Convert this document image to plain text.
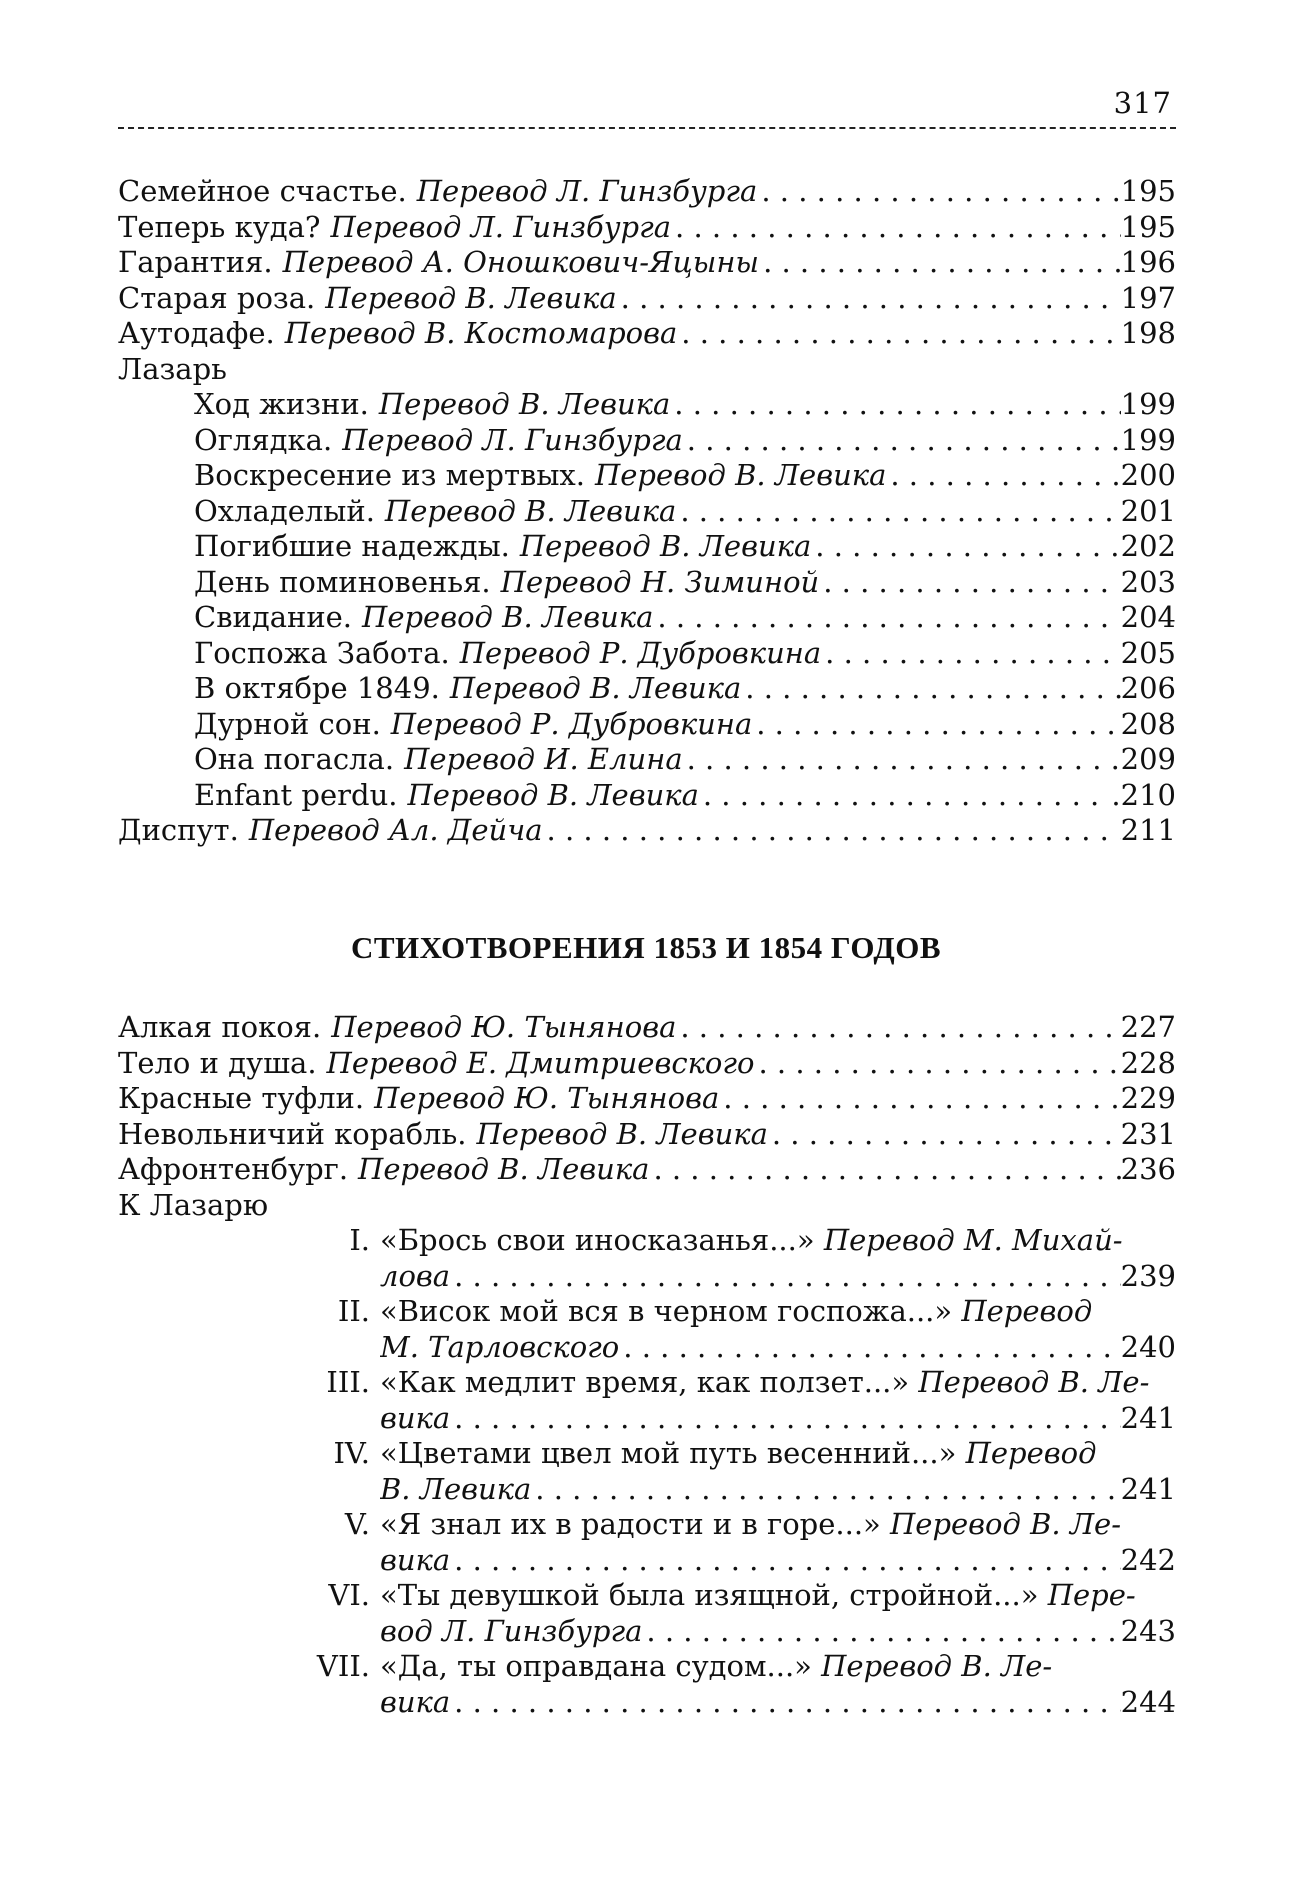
317
Семейное счастье. Перевод Л. Гинзбурга . . .	195
Теперь куда? Перевод Л. Гинзбурга . . .	195
Гарантия. Перевод А. Оношкович-Яцыны . . .	196
Старая роза. Перевод В. Левика . . .	197
Аутодафе. Перевод В. Костомарова . . .	198
Лазарь
Ход жизни. Перевод В. Левика . . .	199
Оглядка. Перевод Л. Гинзбурга . . .	199
Воскресение из мертвых. Перевод В. Левика . . .	.200
Охладелый. Перевод В. Левика . . .	201
Погибшие надежды. Перевод В. Левика . . .	202
День поминовенья. Перевод Н. Зиминой . . .	203
Свидание. Перевод В. Левика . . .	204
Госпожа Забота. Перевод Р. Дубровкина . . .	205
В октябре 1849. Перевод В. Левика . . .	206
Дурной сон. Перевод Р. Дубровкина . . .	208
Она погасла. Перевод И. Елина . . .	209
Enfant perdu. Перевод В. Левика . . .	.210
Диспут. Перевод Ал. Дейча . . .	211
СТИХОТВОРЕНИЯ 1853 И 1854 ГОДОВ
Алкая покоя. Перевод Ю. Тынянова . . .	227
Тело и душа. Перевод Е. Дмитриевского . . .	228
Красные туфли. Перевод Ю. Тынянова . . .	229
Невольничий корабль. Перевод В. Левика . . .	231
Афронтенбург. Перевод В. Левика . . .	236
К Лазарю
I. «Брось свои иносказанья...» Перевод М. Михай-
лова . . .	239
II. «Висок мой вся в черном госпожа...» Перевод
М. Тарловского . . .	240
III. «Как медлит время, как ползет...» Перевод В. Ле-
вика . . .	241
IV. «Цветами цвел мой путь весенний...» Перевод
В. Левика . . .	241
V. «Я знал их в радости и в горе...» Перевод В. Ле-
вика . . .	242
VI. «Ты девушкой была изящной, стройной...» Пере-
вод Л. Гинзбурга . . .	243
VII. «Да, ты оправдана судом...» Перевод В. Ле-
вика . . .	244
